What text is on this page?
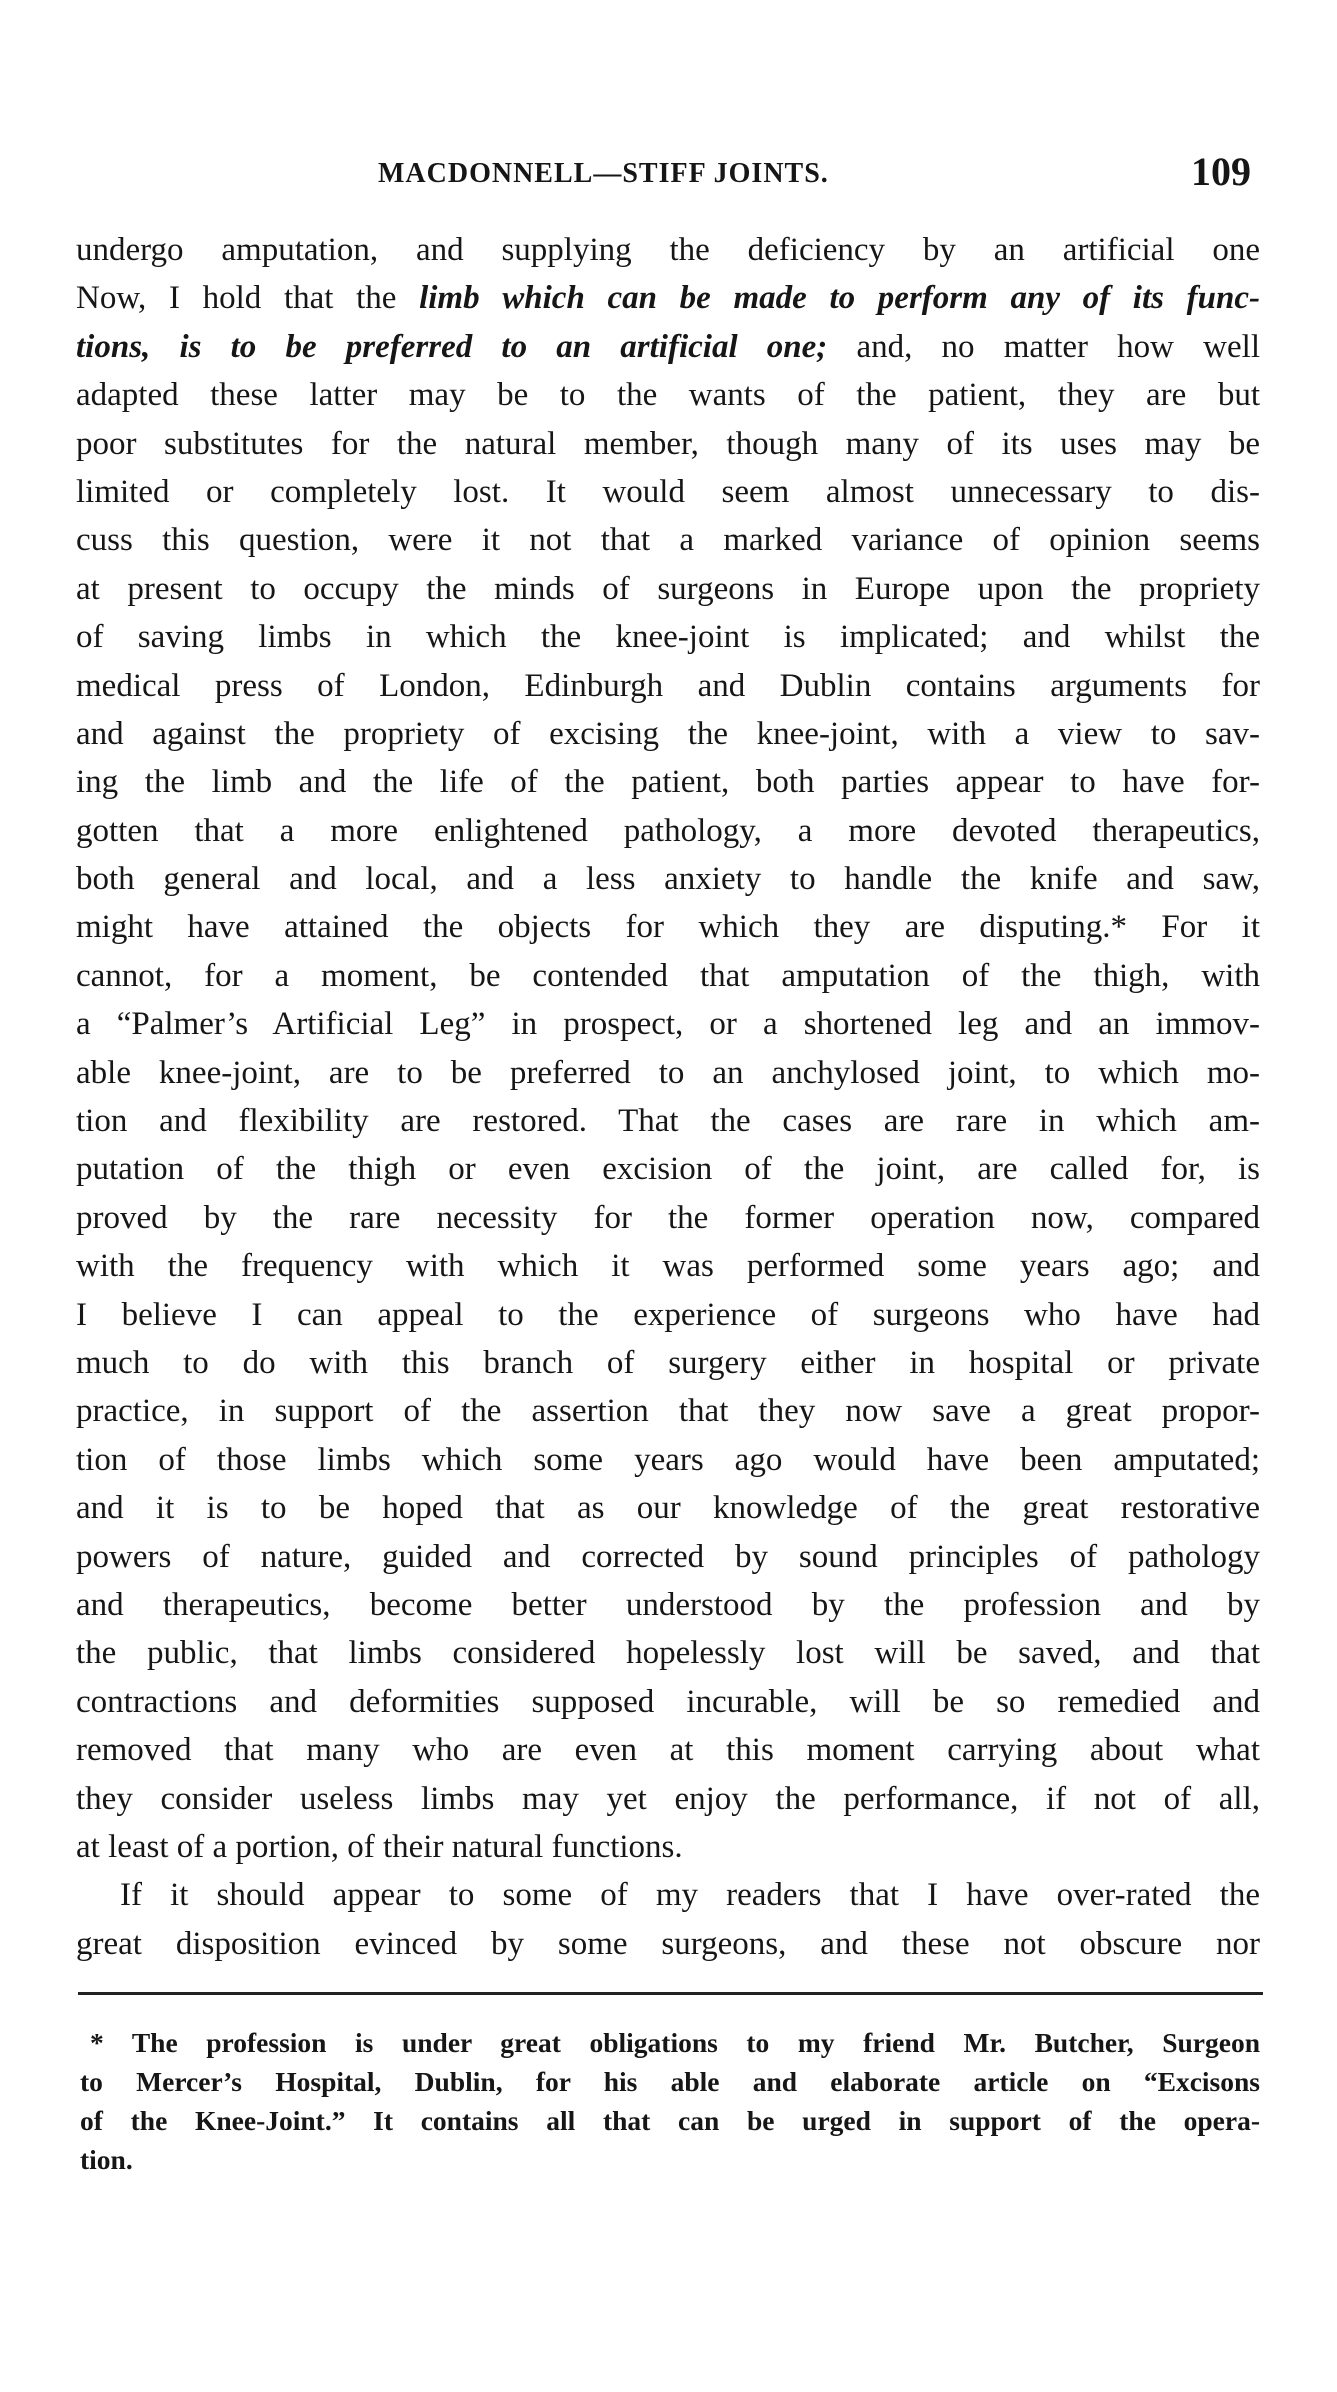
MACDONNELL—STIFF JOINTS.	109
undergo amputation, and supplying the deficiency by an artificial one
Now, I hold that the limb which can be made to perform any of its func-
tions, is to be preferred to an artificial one; and, no matter how well
adapted these latter may be to the wants of the patient, they are but
poor substitutes for the natural member, though many of its uses may be
limited or completely lost. It would seem almost unnecessary to dis-
cuss this question, were it not that a marked variance of opinion seems
at present to occupy the minds of surgeons in Europe upon the propriety
of saving limbs in which the knee-joint is implicated; and whilst the
medical press of London, Edinburgh and Dublin contains arguments for
and against the propriety of excising the knee-joint, with a view to sav-
ing the limb and the life of the patient, both parties appear to have for-
gotten that a more enlightened pathology, a more devoted therapeutics,
both general and local, and a less anxiety to handle the knife and saw,
might have attained the objects for which they are disputing.* For it
cannot, for a moment, be contended that amputation of the thigh, with
a “Palmer’s Artificial Leg” in prospect, or a shortened leg and an immov-
able knee-joint, are to be preferred to an anchylosed joint, to which mo-
tion and flexibility are restored. That the cases are rare in which am-
putation of the thigh or even excision of the joint, are called for, is
proved by the rare necessity for the former operation now, compared
with the frequency with which it was performed some years ago; and
I believe I can appeal to the experience of surgeons who have had
much to do with this branch of surgery either in hospital or private
practice, in support of the assertion that they now save a great propor-
tion of those limbs which some years ago would have been amputated;
and it is to be hoped that as our knowledge of the great restorative
powers of nature, guided and corrected by sound principles of pathology
and therapeutics, become better understood by the profession and by
the public, that limbs considered hopelessly lost will be saved, and that
contractions and deformities supposed incurable, will be so remedied and
removed that many who are even at this moment carrying about what
they consider useless limbs may yet enjoy the performance, if not of all,
at least of a portion, of their natural functions.
If it should appear to some of my readers that I have over-rated the
great disposition evinced by some surgeons, and these not obscure nor
* The profession is under great obligations to my friend Mr. Butcher, Surgeon
to Mercer’s Hospital, Dublin, for his able and elaborate article on “Excisons
of the Knee-Joint.” It contains all that can be urged in support of the opera-
tion.
